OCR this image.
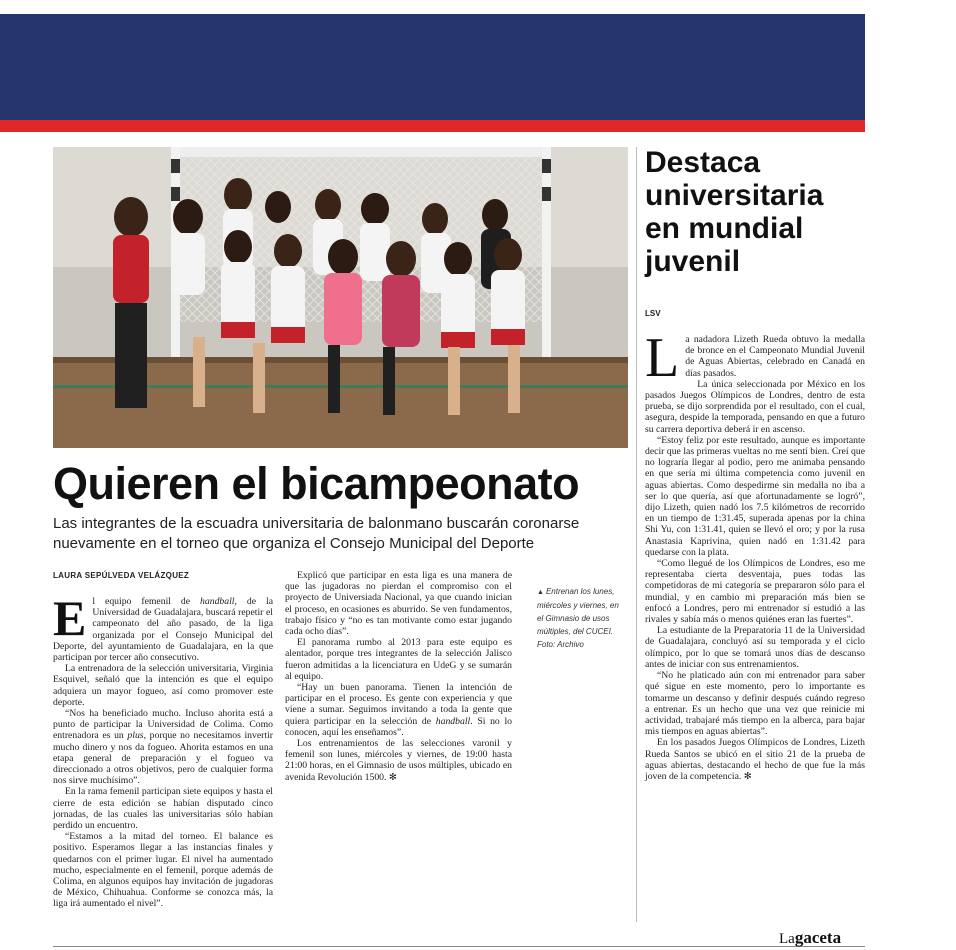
Quieren el bicampeonato
Las integrantes de la escuadra universitaria de balonmano buscarán coronarse nuevamente en el torneo que organiza el Consejo Municipal del Deporte
LAURA SEPÚLVEDA VELÁZQUEZ

El equipo femenil de handball, de la Universidad de Guadalajara, buscará repetir el campeonato del año pasado, de la liga organizada por el Consejo Municipal del Deporte, del ayuntamiento de Guadalajara, en la que participan por tercer año consecutivo.

La entrenadora de la selección universitaria, Virginia Esquivel, señaló que la intención es que el equipo adquiera un mayor fogueo, así como promover este deporte.

“Nos ha beneficiado mucho. Incluso ahorita está a punto de participar la Universidad de Colima. Como entrenadora es un plus, porque no necesitamos invertir mucho dinero y nos da fogueo. Ahorita estamos en una etapa general de preparación y el fogueo va direccionado a otros objetivos, pero de cualquier forma nos sirve muchísimo”.

En la rama femenil participan siete equipos y hasta el cierre de esta edición se habían disputado cinco jornadas, de las cuales las universitarias sólo habían perdido un encuentro.

“Estamos a la mitad del torneo. El balance es positivo. Esperamos llegar a las instancias finales y quedarnos con el primer lugar. El nivel ha aumentado mucho, especialmente en el femenil, porque además de Colima, en algunos equipos hay invitación de jugadoras de México, Chihuahua. Conforme se conozca más, la liga irá aumentado el nivel”.

Explicó que participar en esta liga es una manera de que las jugadoras no pierdan el compromiso con el proyecto de Universiada Nacional, ya que cuando inician el proceso, en ocasiones es aburrido. Se ven fundamentos, trabajo físico y “no es tan motivante como estar jugando cada ocho días”.

El panorama rumbo al 2013 para este equipo es alentador, porque tres integrantes de la selección Jalisco fueron admitidas a la licenciatura en UdeG y se sumarán al equipo.

“Hay un buen panorama. Tienen la intención de participar en el proceso. Es gente con experiencia y que viene a sumar. Seguimos invitando a toda la gente que quiera participar en la selección de handball. Si no lo conocen, aquí les enseñamos”.

Los entrenamientos de las selecciones varonil y femenil son lunes, miércoles y viernes, de 19:00 hasta 21:00 horas, en el Gimnasio de usos múltiples, ubicado en avenida Revolución 1500. ✻

▲ Entrenan los lunes, miércoles y viernes, en el Gimnasio de usos múltiples, del CUCEI.
Foto: Archivo
Destaca universitaria en mundial juvenil
LSV

La nadadora Lizeth Rueda obtuvo la medalla de bronce en el Campeonato Mundial Juvenil de Aguas Abiertas, celebrado en Canadá en días pasados.

La única seleccionada por México en los pasados Juegos Olímpicos de Londres, dentro de esta prueba, se dijo sorprendida por el resultado, con el cual, asegura, despide la temporada, pensando en que a futuro su carrera deportiva deberá ir en ascenso.

“Estoy feliz por este resultado, aunque es importante decir que las primeras vueltas no me sentí bien. Creí que no lograría llegar al podio, pero me animaba pensando en que sería mi última competencia como juvenil en aguas abiertas. Como despedirme sin medalla no iba a ser lo que quería, así que afortunadamente se logró”, dijo Lizeth, quien nadó los 7.5 kilómetros de recorrido en un tiempo de 1:31.45, superada apenas por la china Shi Yu, con 1:31.41, quien se llevó el oro; y por la rusa Anastasia Kaprivina, quien nadó en 1:31.42 para quedarse con la plata.

“Como llegué de los Olímpicos de Londres, eso me representaba cierta desventaja, pues todas las competidoras de mi categoría se prepararon sólo para el mundial, y en cambio mi preparación más bien se enfocó a Londres, pero mi entrenador sí estudió a las rivales y sabía más o menos quiénes eran las fuertes”.

La estudiante de la Preparatoria 11 de la Universidad de Guadalajara, concluyó así su temporada y el ciclo olímpico, por lo que se tomará unos días de descanso antes de iniciar con sus entrenamientos.

“No he platicado aún con mi entrenador para saber qué sigue en este momento, pero lo importante es tomarme un descanso y definir después cuándo regreso a entrenar. Es un hecho que una vez que reinicie mi actividad, trabajaré más tiempo en la alberca, para bajar mis tiempos en aguas abiertas”.

En los pasados Juegos Olímpicos de Londres, Lizeth Rueda Santos se ubicó en el sitio 21 de la prueba de aguas abiertas, destacando el hecho de que fue la más joven de la competencia. ✻

Lagaceta
